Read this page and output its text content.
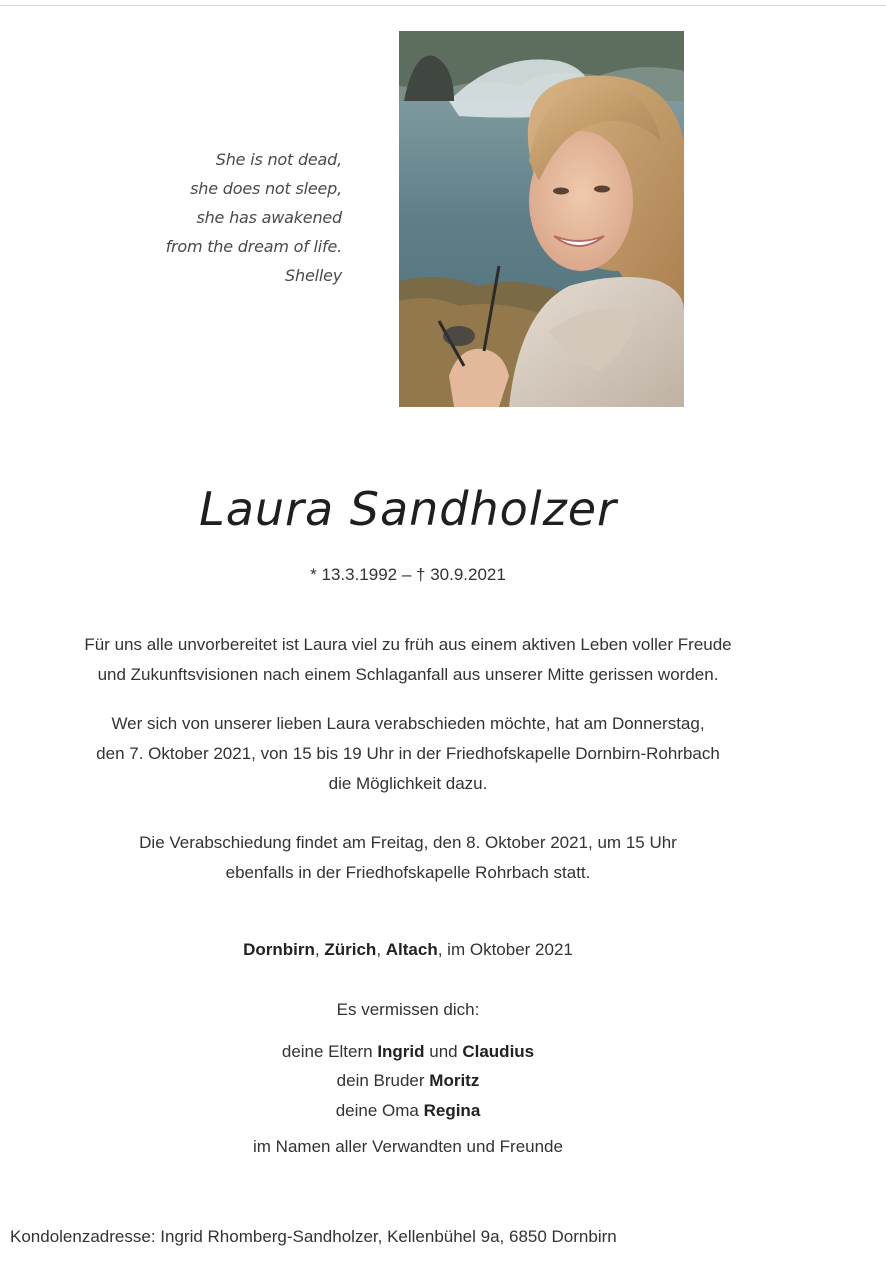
She is not dead,
she does not sleep,
she has awakened
from the dream of life.
Shelley
Laura Sandholzer
* 13.3.1992 – † 30.9.2021
Für uns alle unvorbereitet ist Laura viel zu früh aus einem aktiven Leben voller Freude
und Zukunftsvisionen nach einem Schlaganfall aus unserer Mitte gerissen worden.
Wer sich von unserer lieben Laura verabschieden möchte, hat am Donnerstag,
den 7. Oktober 2021, von 15 bis 19 Uhr in der Friedhofskapelle Dornbirn-Rohrbach
die Möglichkeit dazu.
Die Verabschiedung findet am Freitag, den 8. Oktober 2021, um 15 Uhr
ebenfalls in der Friedhofskapelle Rohrbach statt.
Dornbirn, Zürich, Altach, im Oktober 2021
Es vermissen dich:
deine Eltern Ingrid und Claudius
dein Bruder Moritz
deine Oma Regina
im Namen aller Verwandten und Freunde
Kondolenzadresse: Ingrid Rhomberg-Sandholzer, Kellenbühel 9a, 6850 Dornbirn
